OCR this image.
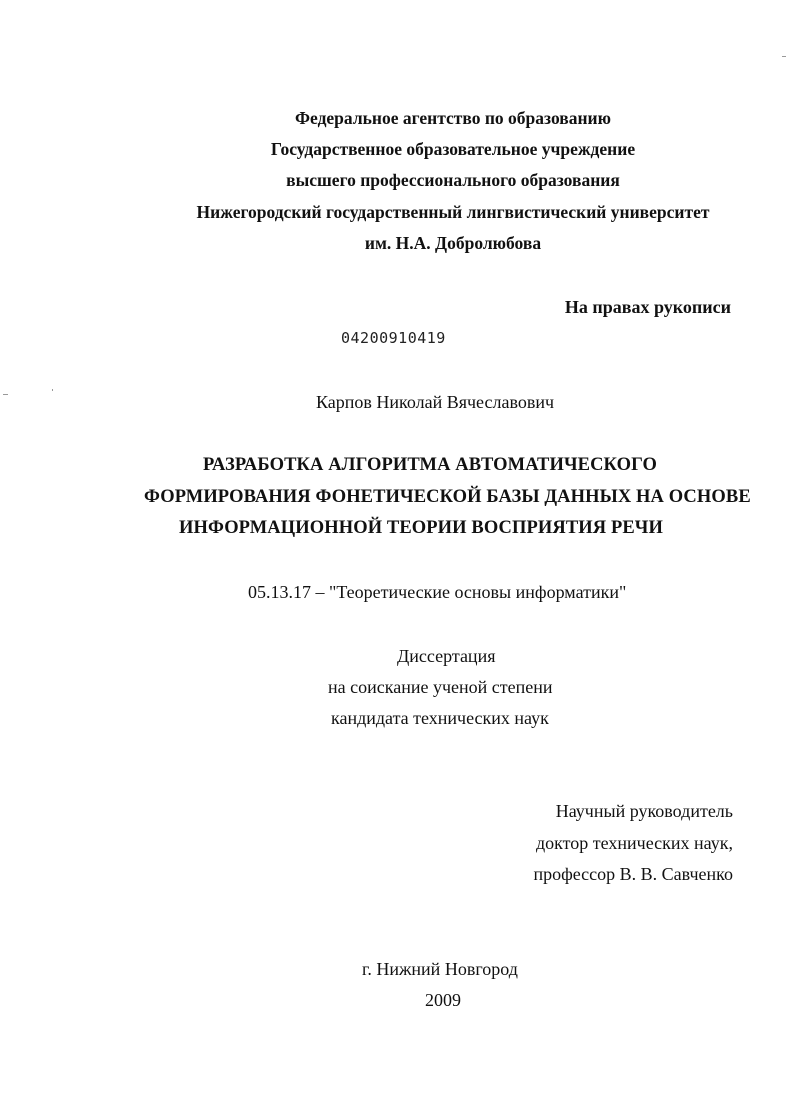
Федеральное агентство по образованию
Государственное образовательное учреждение
высшего профессионального образования
Нижегородский государственный лингвистический университет
им. Н.А. Добролюбова
На правах рукописи
04200910419
Карпов Николай Вячеславович
РАЗРАБОТКА АЛГОРИТМА АВТОМАТИЧЕСКОГО
ФОРМИРОВАНИЯ ФОНЕТИЧЕСКОЙ БАЗЫ ДАННЫХ НА ОСНОВЕ
ИНФОРМАЦИОННОЙ ТЕОРИИ ВОСПРИЯТИЯ РЕЧИ
05.13.17 – "Теоретические основы информатики"
Диссертация
на соискание ученой степени
кандидата технических наук
Научный руководитель
доктор технических наук,
профессор В. В. Савченко
г. Нижний Новгород
2009
